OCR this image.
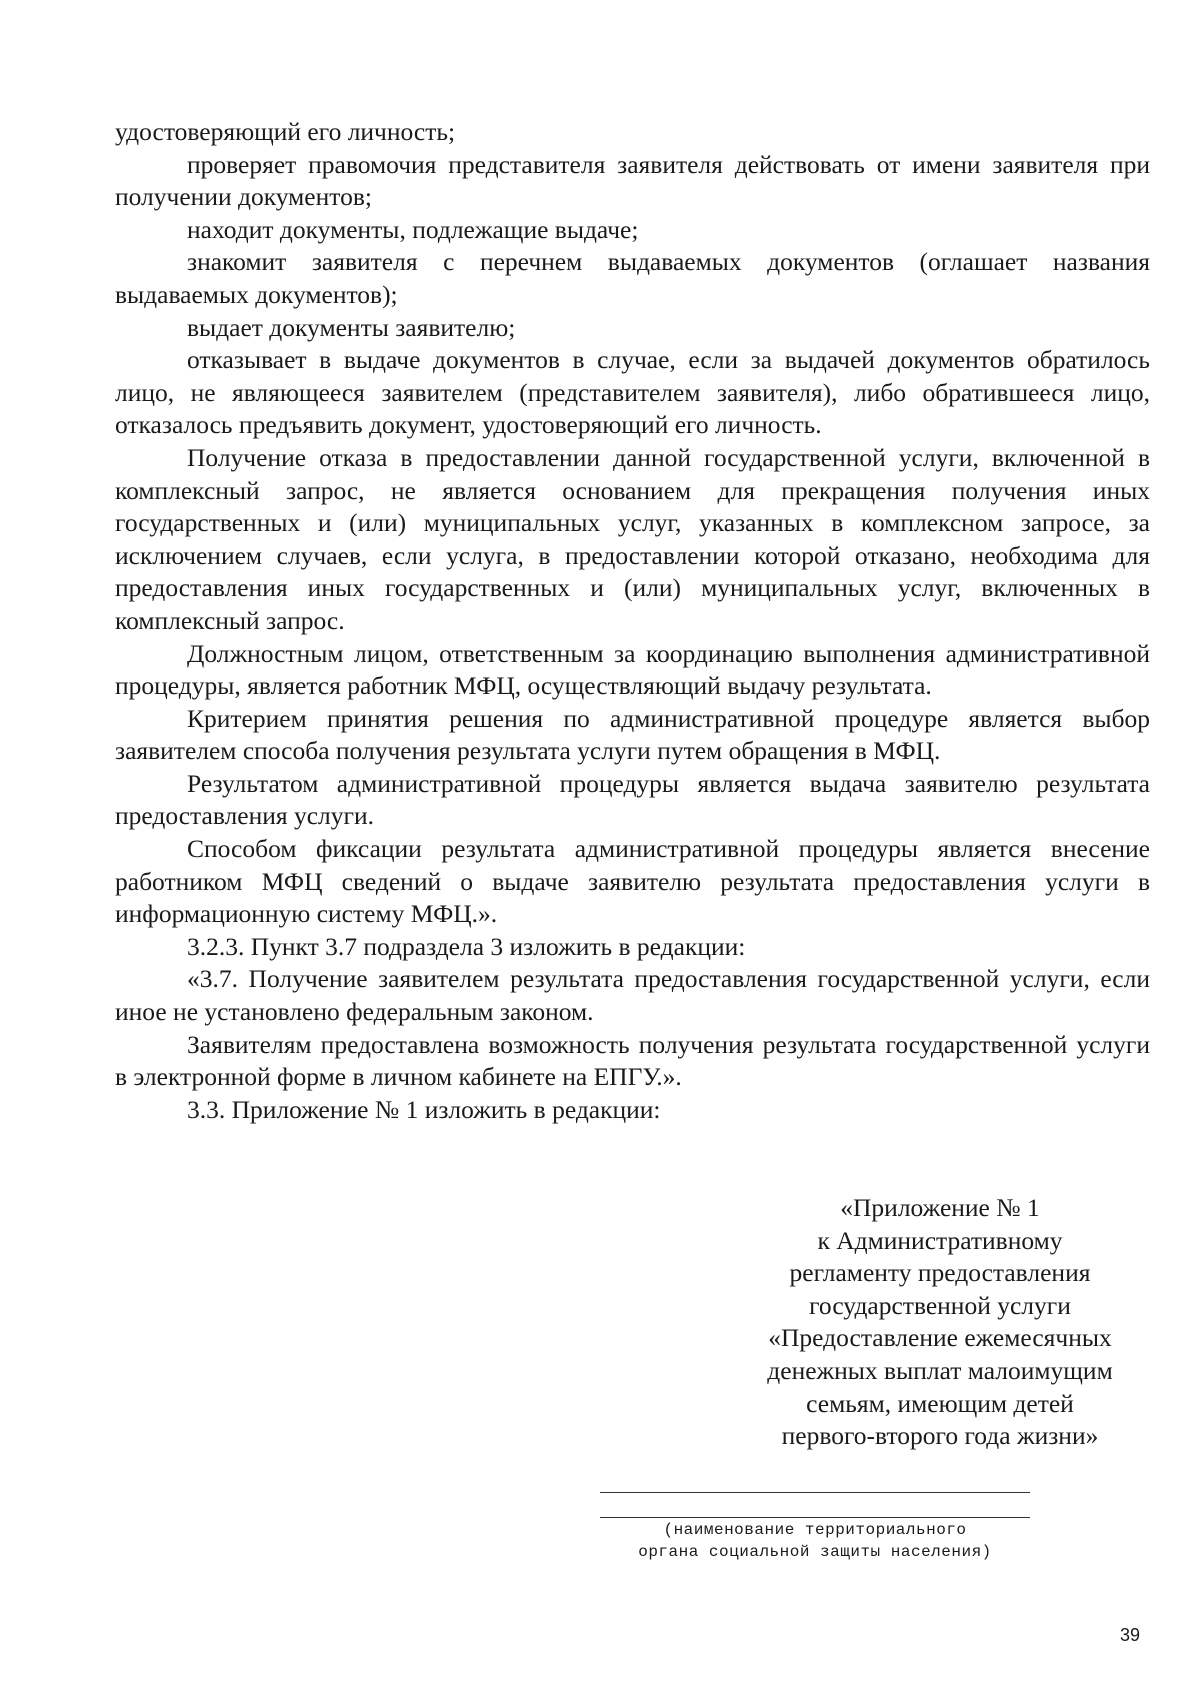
удостоверяющий его личность;

проверяет правомочия представителя заявителя действовать от имени заявителя при получении документов;

находит документы, подлежащие выдаче;

знакомит заявителя с перечнем выдаваемых документов (оглашает названия выдаваемых документов);

выдает документы заявителю;

отказывает в выдаче документов в случае, если за выдачей документов обратилось лицо, не являющееся заявителем (представителем заявителя), либо обратившееся лицо, отказалось предъявить документ, удостоверяющий его личность.

Получение отказа в предоставлении данной государственной услуги, включенной в комплексный запрос, не является основанием для прекращения получения иных государственных и (или) муниципальных услуг, указанных в комплексном запросе, за исключением случаев, если услуга, в предоставлении которой отказано, необходима для предоставления иных государственных и (или) муниципальных услуг, включенных в комплексный запрос.

Должностным лицом, ответственным за координацию выполнения административной процедуры, является работник МФЦ, осуществляющий выдачу результата.

Критерием принятия решения по административной процедуре является выбор заявителем способа получения результата услуги путем обращения в МФЦ.

Результатом административной процедуры является выдача заявителю результата предоставления услуги.

Способом фиксации результата административной процедуры является внесение работником МФЦ сведений о выдаче заявителю результата предоставления услуги в информационную систему МФЦ.».

3.2.3. Пункт 3.7 подраздела 3 изложить в редакции:

«3.7. Получение заявителем результата предоставления государственной услуги, если иное не установлено федеральным законом.

Заявителям предоставлена возможность получения результата государственной услуги в электронной форме в личном кабинете на ЕПГУ.».

3.3. Приложение № 1 изложить в редакции:

«Приложение № 1
к Административному
регламенту предоставления
государственной услуги
«Предоставление ежемесячных
денежных выплат малоимущим
семьям, имеющим детей
первого-второго года жизни»
(наименование территориального
органа социальной защиты населения)
39
